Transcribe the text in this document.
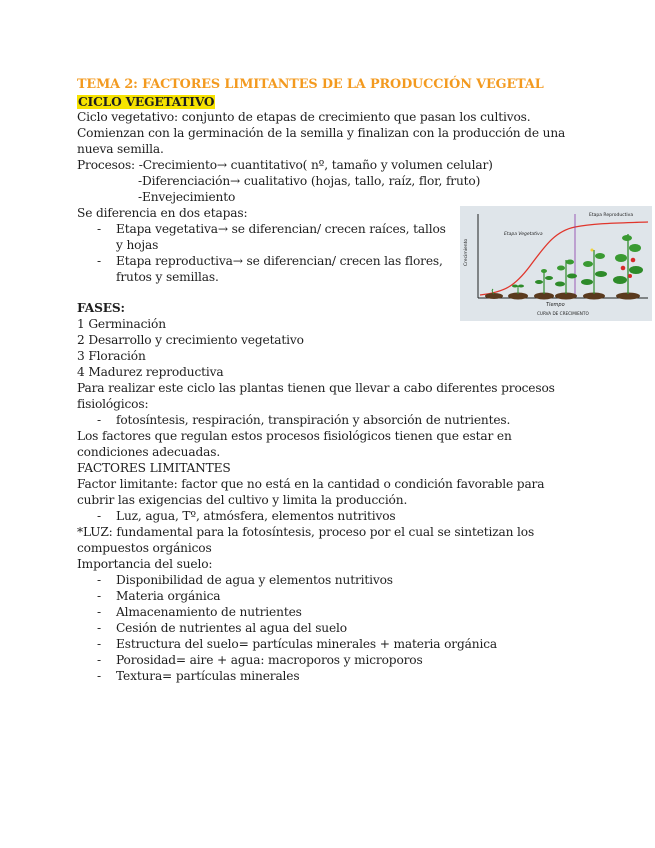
TEMA 2: FACTORES LIMITANTES DE LA PRODUCCIÓN VEGETAL
CICLO VEGETATIVO
Ciclo vegetativo: conjunto de etapas de crecimiento que pasan los cultivos.
Comienzan con la germinación de la semilla y finalizan con la producción de una
nueva semilla.
Procesos: -Crecimiento→ cuantitativo( nº, tamaño y volumen celular)
-Diferenciación→ cualitativo (hojas, tallo, raíz, flor, fruto)
-Envejecimiento
Se diferencia en dos etapas:
- Etapa vegetativa→ se diferencian/ crecen raíces, tallos
y hojas
- Etapa reproductiva→ se diferencian/ crecen las flores,
frutos y semillas.
FASES:
1 Germinación
2 Desarrollo y crecimiento vegetativo
3 Floración
4 Madurez reproductiva
Para realizar este ciclo las plantas tienen que llevar a cabo diferentes procesos
fisiológicos:
- fotosíntesis, respiración, transpiración y absorción de nutrientes.
Los factores que regulan estos procesos fisiológicos tienen que estar en
condiciones adecuadas.
FACTORES LIMITANTES
Factor limitante: factor que no está en la cantidad o condición favorable para
cubrir las exigencias del cultivo y limita la producción.
- Luz, agua, Tº, atmósfera, elementos nutritivos
*LUZ: fundamental para la fotosíntesis, proceso por el cual se sintetizan los
compuestos orgánicos
Importancia del suelo:
- Disponibilidad de agua y elementos nutritivos
- Materia orgánica
- Almacenamiento de nutrientes
- Cesión de nutrientes al agua del suelo
- Estructura del suelo= partículas minerales + materia orgánica
- Porosidad= aire + agua: macroporos y microporos
- Textura= partículas minerales
Crecimiento
Etapa Vegetativa
Etapa Reproductiva
Tiempo
CURVA DE CRECIMIENTO
